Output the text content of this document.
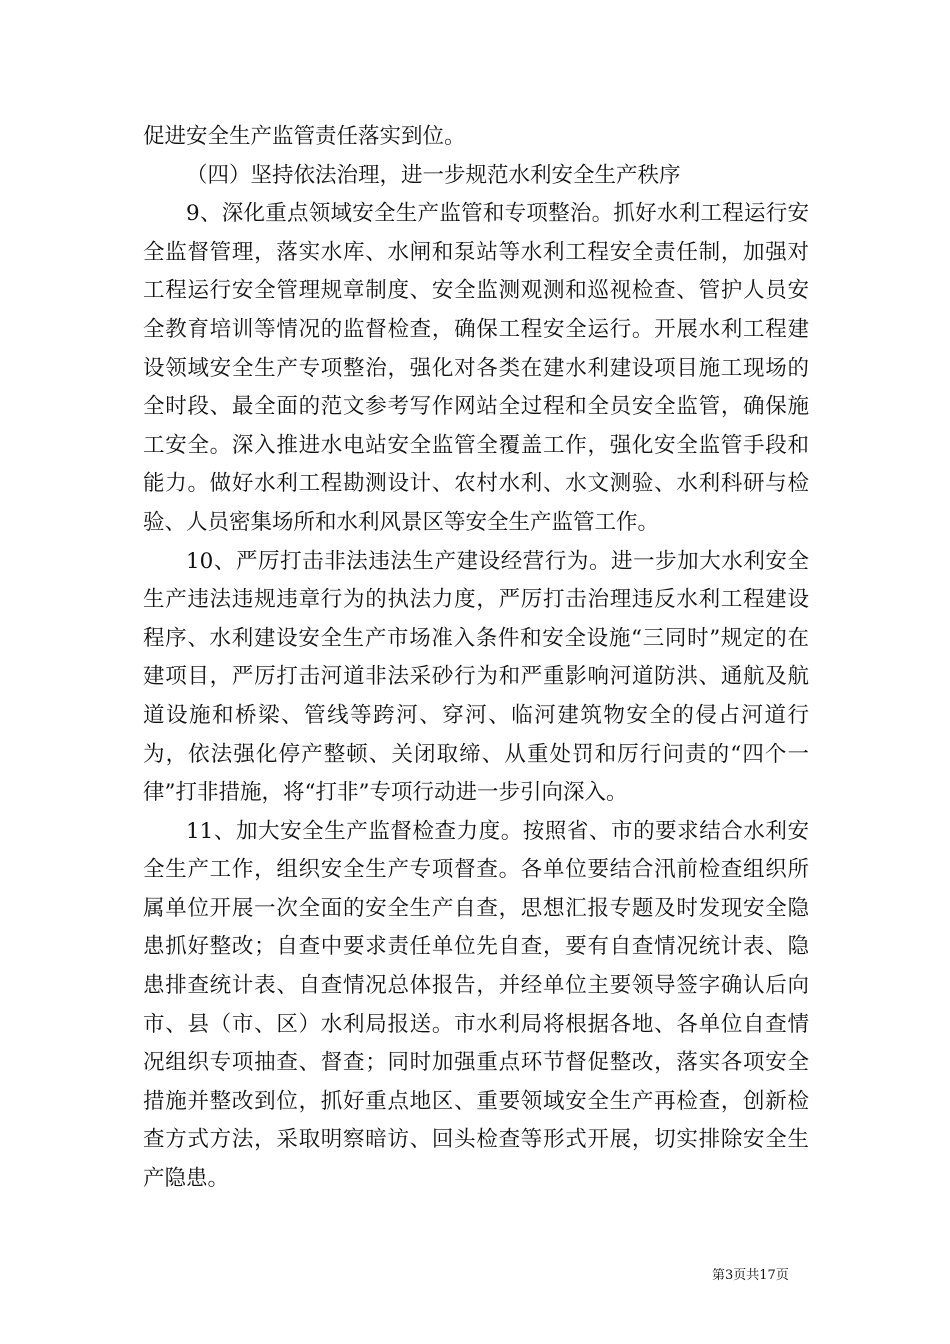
促进安全生产监管责任落实到位。

（四）坚持依法治理，进一步规范水利安全生产秩序

9、深化重点领域安全生产监管和专项整治。抓好水利工程运行安全监督管理，落实水库、水闸和泵站等水利工程安全责任制，加强对工程运行安全管理规章制度、安全监测观测和巡视检查、管护人员安全教育培训等情况的监督检查，确保工程安全运行。开展水利工程建设领域安全生产专项整治，强化对各类在建水利建设项目施工现场的全时段、最全面的范文参考写作网站全过程和全员安全监管，确保施工安全。深入推进水电站安全监管全覆盖工作，强化安全监管手段和能力。做好水利工程勘测设计、农村水利、水文测验、水利科研与检验、人员密集场所和水利风景区等安全生产监管工作。

10、严厉打击非法违法生产建设经营行为。进一步加大水利安全生产违法违规违章行为的执法力度，严厉打击治理违反水利工程建设程序、水利建设安全生产市场准入条件和安全设施“三同时”规定的在建项目，严厉打击河道非法采砂行为和严重影响河道防洪、通航及航道设施和桥梁、管线等跨河、穿河、临河建筑物安全的侵占河道行为，依法强化停产整顿、关闭取缔、从重处罚和厉行问责的“四个一律”打非措施，将“打非”专项行动进一步引向深入。

11、加大安全生产监督检查力度。按照省、市的要求结合水利安全生产工作，组织安全生产专项督查。各单位要结合汛前检查组织所属单位开展一次全面的安全生产自查，思想汇报专题及时发现安全隐患抓好整改；自查中要求责任单位先自查，要有自查情况统计表、隐患排查统计表、自查情况总体报告，并经单位主要领导签字确认后向市、县（市、区）水利局报送。市水利局将根据各地、各单位自查情况组织专项抽查、督查；同时加强重点环节督促整改，落实各项安全措施并整改到位，抓好重点地区、重要领域安全生产再检查，创新检查方式方法，采取明察暗访、回头检查等形式开展，切实排除安全生产隐患。

第3页共17页
